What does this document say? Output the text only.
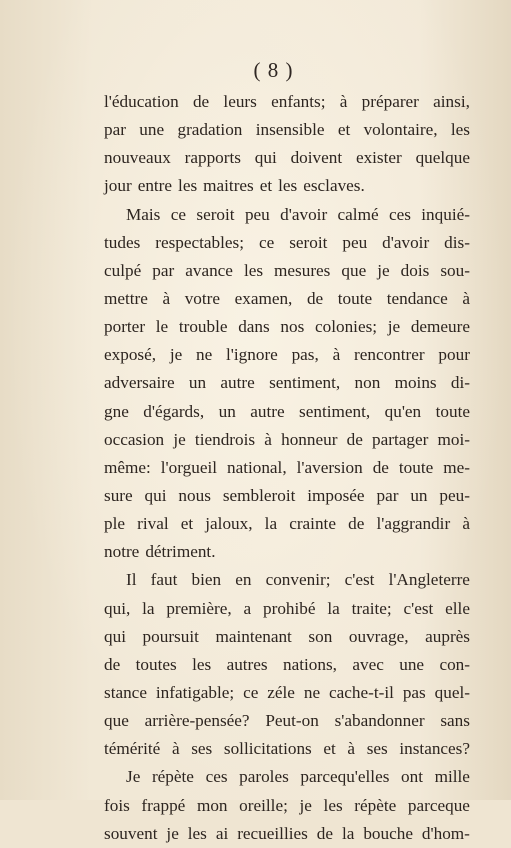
( 8 )
l'éducation de leurs enfants; à préparer ainsi,
par une gradation insensible et volontaire, les
nouveaux rapports qui doivent exister quelque
jour entre les maitres et les esclaves.
Mais ce seroit peu d'avoir calmé ces inquié-
tudes respectables; ce seroit peu d'avoir dis-
culpé par avance les mesures que je dois sou-
mettre à votre examen, de toute tendance à
porter le trouble dans nos colonies; je demeure
exposé, je ne l'ignore pas, à rencontrer pour
adversaire un autre sentiment, non moins di-
gne d'égards, un autre sentiment, qu'en toute
occasion je tiendrois à honneur de partager moi-
même: l'orgueil national, l'aversion de toute me-
sure qui nous sembleroit imposée par un peu-
ple rival et jaloux, la crainte de l'aggrandir à
notre détriment.
Il faut bien en convenir; c'est l'Angleterre
qui, la première, a prohibé la traite; c'est elle
qui poursuit maintenant son ouvrage, auprès
de toutes les autres nations, avec une con-
stance infatigable; ce zéle ne cache-t-il pas quel-
que arrière-pensée? Peut-on s'abandonner sans
témérité à ses sollicitations et à ses instances?
Je répète ces paroles parcequ'elles ont mille
fois frappé mon oreille; je les répète parceque
souvent je les ai recueillies de la bouche d'hom-
